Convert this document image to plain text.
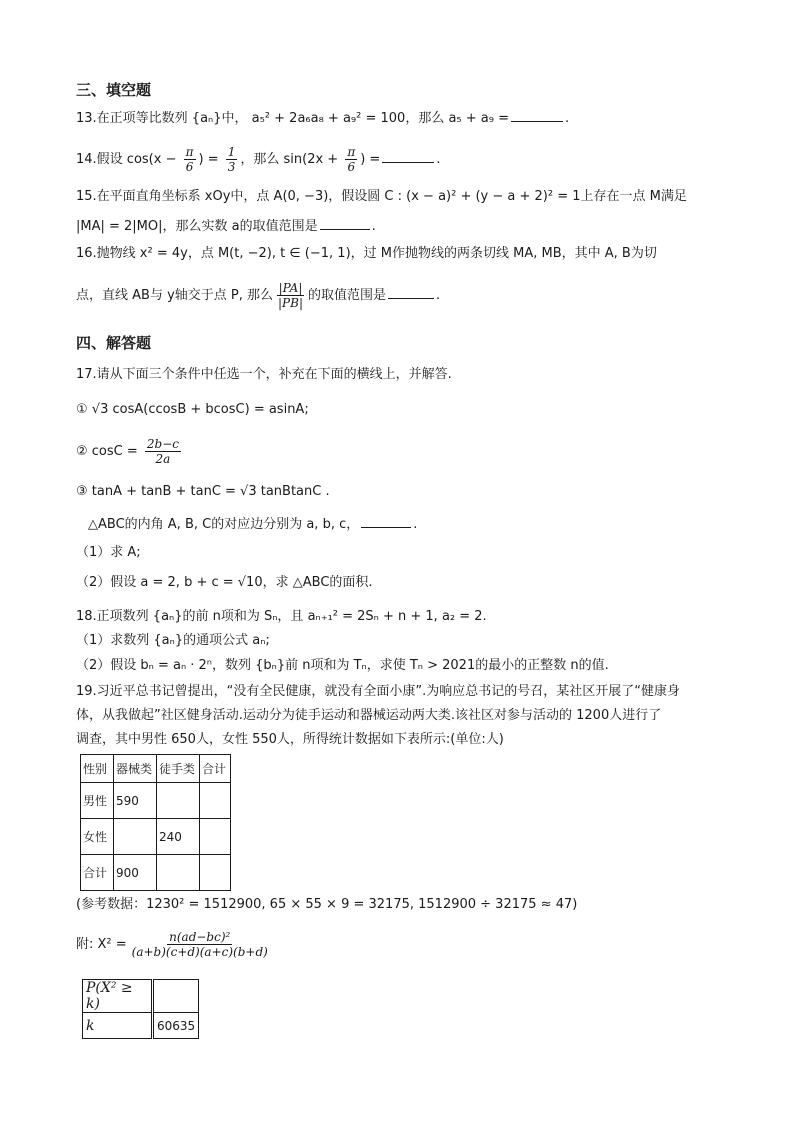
三、填空题
13.在正项等比数列 {aₙ}中， a₅² + 2a₆a₈ + a₉² = 100，那么 a₅ + a₉ =	.
14.假设 $\cos(x - \frac{\pi}{6}$ ) = $\frac{1}{3}$ ，那么 $\sin(2x + \frac{\pi}{6}$ ) =	.
15.在平面直角坐标系 xOy中，点 A(0, −3)，假设圆 C : (x − a)² + (y − a + 2)² = 1上存在一点 M满足
|MA| = 2|MO|，那么实数 a的取值范围是	.
16.抛物线 x² = 4y，点 M(t, −2), t ∈ (−1, 1)，过 M作抛物线的两条切线 MA, MB，其中 A, B为切
点，直线 AB与 y轴交于点 P, 那么 $\frac{|PA|}{|PB|}$ 的取值范围是	.
四、解答题
17.请从下面三个条件中任选一个，补充在下面的横线上，并解答.
① √3 cosA(ccosB + bcosC) = asinA;
② $\cos C = \frac{2b-c}{2a}$
③ tanA + tanB + tanC = √3 tanBtanC .
△ABC的内角 A, B, C的对应边分别为 a, b, c，	.
（1）求 A;
（2）假设 a = 2, b + c = √10，求 △ABC的面积.
18.正项数列 {aₙ}的前 n项和为 Sₙ，且 aₙ₊₁² = 2Sₙ + n + 1, a₂ = 2.
（1）求数列 {aₙ}的通项公式 aₙ;
（2）假设 bₙ = aₙ · 2ⁿ，数列 {bₙ}前 n项和为 Tₙ，求使 Tₙ > 2021的最小的正整数 n的值.
19.习近平总书记曾提出，“没有全民健康，就没有全面小康”.为响应总书记的号召，某社区开展了“健康身
体，从我做起”社区健身活动.运动分为徒手运动和器械运动两大类.该社区对参与活动的 1200人进行了
调查，其中男性 650人，女性 550人，所得统计数据如下表所示:(单位:人)
性别	器械类	徒手类	合计
男性	590		
女性		240	
合计	900		
(参考数据：1230² = 1512900, 65 × 55 × 9 = 32175, 1512900 ÷ 32175 ≈ 47)
附: $X^2 = \frac{\text{n(ad−bc)²}}{(a+b)(c+d)(a+c)(b+d)}$
P(X² ≥ k)	
k	60635
